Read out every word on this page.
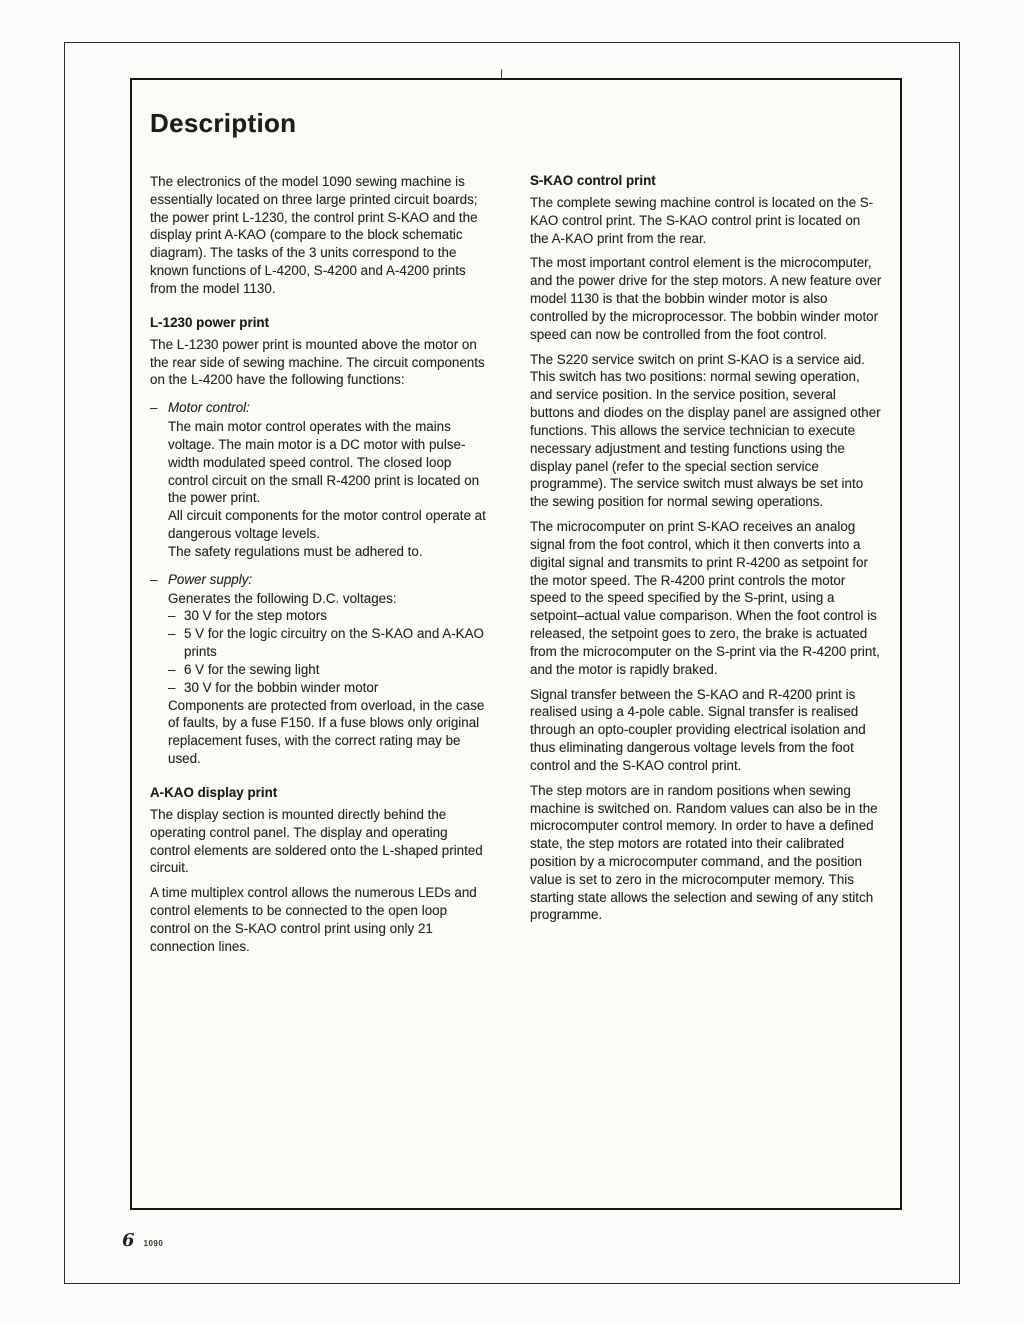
Description

The electronics of the model 1090 sewing machine is essentially located on three large printed circuit boards; the power print L-1230, the control print S-KAO and the display print A-KAO (compare to the block schematic diagram). The tasks of the 3 units correspond to the known functions of L-4200, S-4200 and A-4200 prints from the model 1130.

L-1230 power print

The L-1230 power print is mounted above the motor on the rear side of sewing machine. The circuit components on the L-4200 have the following functions:

– Motor control:

The main motor control operates with the mains voltage. The main motor is a DC motor with pulse-width modulated speed control. The closed loop control circuit on the small R-4200 print is located on the power print.

All circuit components for the motor control operate at dangerous voltage levels.

The safety regulations must be adhered to.

– Power supply:

Generates the following D.C. voltages:

– 30 V for the step motors
– 5 V for the logic circuitry on the S-KAO and A-KAO prints
– 6 V for the sewing light
– 30 V for the bobbin winder motor

Components are protected from overload, in the case of faults, by a fuse F150. If a fuse blows only original replacement fuses, with the correct rating may be used.

A-KAO display print

The display section is mounted directly behind the operating control panel. The display and operating control elements are soldered onto the L-shaped printed circuit.

A time multiplex control allows the numerous LEDs and control elements to be connected to the open loop control on the S-KAO control print using only 21 connection lines.

S-KAO control print

The complete sewing machine control is located on the S-KAO control print. The S-KAO control print is located on the A-KAO print from the rear.

The most important control element is the microcomputer, and the power drive for the step motors. A new feature over model 1130 is that the bobbin winder motor is also controlled by the microprocessor. The bobbin winder motor speed can now be controlled from the foot control.

The S220 service switch on print S-KAO is a service aid. This switch has two positions: normal sewing operation, and service position. In the service position, several buttons and diodes on the display panel are assigned other functions. This allows the service technician to execute necessary adjustment and testing functions using the display panel (refer to the special section service programme). The service switch must always be set into the sewing position for normal sewing operations.

The microcomputer on print S-KAO receives an analog signal from the foot control, which it then converts into a digital signal and transmits to print R-4200 as setpoint for the motor speed. The R-4200 print controls the motor speed to the speed specified by the S-print, using a setpoint–actual value comparison. When the foot control is released, the setpoint goes to zero, the brake is actuated from the microcomputer on the S-print via the R-4200 print, and the motor is rapidly braked.

Signal transfer between the S-KAO and R-4200 print is realised using a 4-pole cable. Signal transfer is realised through an opto-coupler providing electrical isolation and thus eliminating dangerous voltage levels from the foot control and the S-KAO control print.

The step motors are in random positions when sewing machine is switched on. Random values can also be in the microcomputer control memory. In order to have a defined state, the step motors are rotated into their calibrated position by a microcomputer command, and the position value is set to zero in the microcomputer memory. This starting state allows the selection and sewing of any stitch programme.

6 1090
